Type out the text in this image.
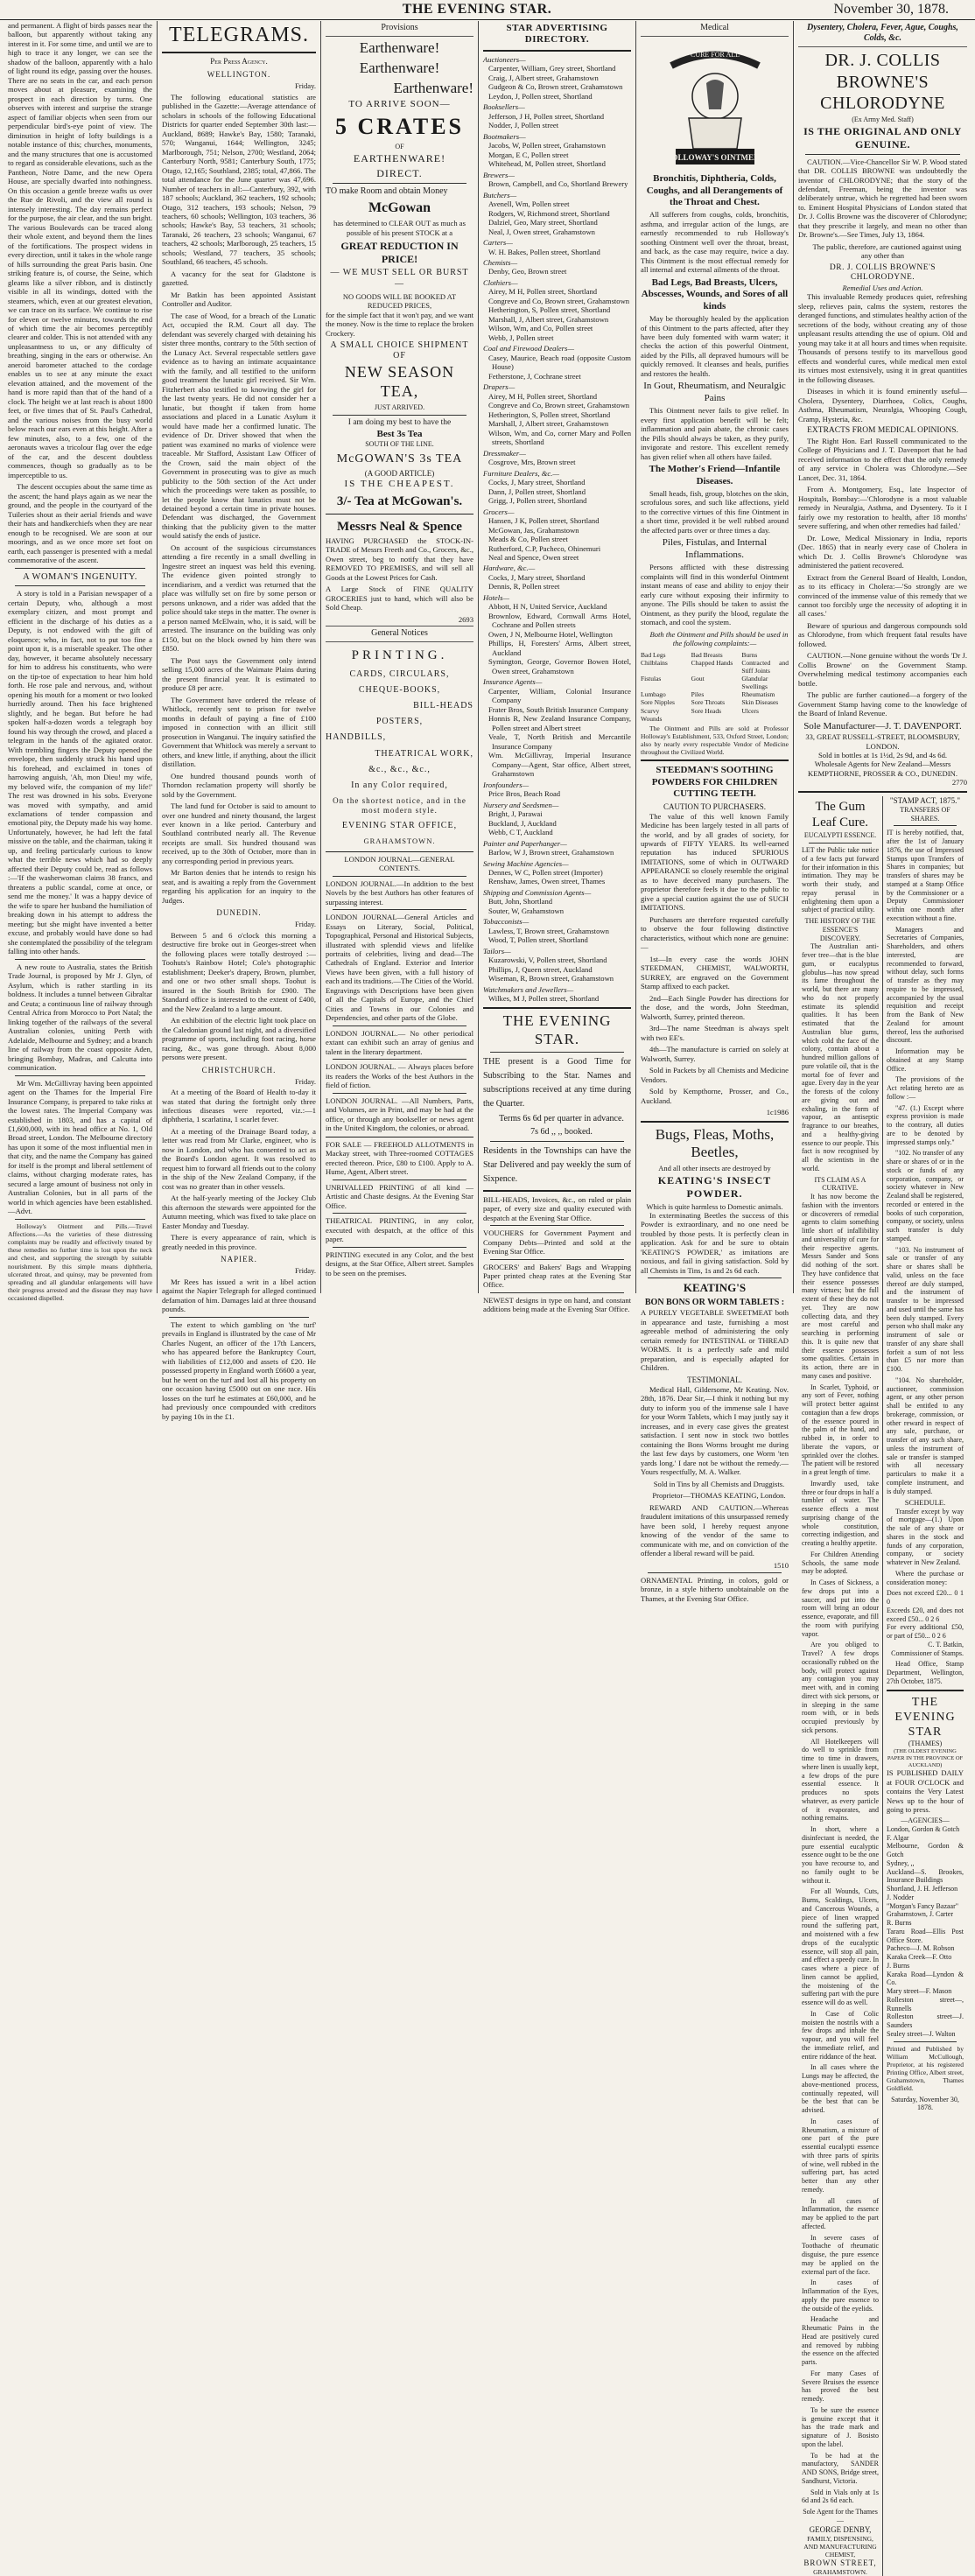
THE EVENING STAR.	November 30, 1878.

and permanent. A flight of birds passes near the balloon, but apparently without taking any interest in it. For some time, and until we are to high to trace it any longer, we can see the shadow of the balloon, apparently with a halo of light round its edge, passing over the houses. There are no seats in the car, and each person moves about at pleasure, examining the prospect in each direction by turns. One observes with interest and surprise the strange aspect of familiar objects when seen from our perpendicular bird's-eye point of view. The diminution in height of lofty buildings is a notable instance of this; churches, monuments, and the many structures that one is accustomed to regard as considerable elevations, such as the Pantheon, Notre Dame, and the new Opera House, are specially dwarfed into nothingness. On this occasion a gentle breeze wafts us over the Rue de Rivoli, and the view all round is intensely interesting. The day remains perfect for the purpose, the air clear, and the sun bright. The various Boulevards can be traced along their whole extent, and beyond them the lines of the fortifications. The prospect widens in every direction, until it takes in the whole range of hills surrounding the great Paris basin. One striking feature is, of course, the Seine, which gleams like a silver ribbon, and is distinctly visible in all its windings, dotted with the steamers, which, even at our greatest elevation, we can trace on its surface. We continue to rise for eleven or twelve minutes, towards the end of which time the air becomes perceptibly clearer and colder. This is not attended with any unpleasantness to us, or any difficulty of breathing, singing in the ears or otherwise. An aneroid barometer attached to the cordage enables us to see at any minute the exact elevation attained, and the movement of the hand is more rapid than that of the hand of a clock. The height we at last reach is about 1800 feet, or five times that of St. Paul's Cathedral, and the various noises from the busy world below reach our ears even at this height. After a few minutes, also, to a few, one of the aeronauts waves a tricolour flag over the edge of the car, and the descent doubtless commences, though so gradually as to be imperceptible to us.

The descent occupies about the same time as the ascent; the hand plays again as we near the ground, and the people in the courtyard of the Tuileries shout as their aerial friends and wave their hats and handkerchiefs when they are near enough to be recognised. We are soon at our moorings, and as we once more set foot on earth, each passenger is presented with a medal commemorative of the ascent.

A WOMAN'S INGENUITY.

A story is told in a Parisian newspaper of a certain Deputy, who, although a most exemplary citizen, and most prompt and efficient in the discharge of his duties as a Deputy, is not endowed with the gift of eloquence; who, in fact, not to put too fine a point upon it, is a miserable speaker. The other day, however, it became absolutely necessary for him to address his constituents, who were on the tip-toe of expectation to hear him hold forth. He rose pale and nervous, and, without opening his mouth for a moment or two looked hurriedly around. Then his face brightened slightly, and he began. But before he had spoken half-a-dozen words a telegraph boy found his way through the crowd, and placed a telegram in the hands of the agitated orator. With trembling fingers the Deputy opened the envelope, then suddenly struck his hand upon his forehead, and exclaimed in tones of harrowing anguish, 'Ah, mon Dieu! my wife, my beloved wife, the companion of my life!' The rest was drowned in his sobs. Everyone was moved with sympathy, and amid exclamations of tender compassion and emotional pity, the Deputy made his way home. Unfortunately, however, he had left the fatal missive on the table, and the chairman, taking it up, and feeling particularly curious to know what the terrible news which had so deeply affected their Deputy could be, read as follows :—'If the washerwoman claims 38 francs, and threatens a public scandal, come at once, or send me the money.' It was a happy device of the wife to spare her husband the humiliation of breaking down in his attempt to address the meeting; but she might have invented a better excuse, and probably would have done so had she contemplated the possibility of the telegram falling into other hands.

A new route to Australia, states the British Trade Journal, is proposed by Mr J. Glyn, of Asylum, which is rather startling in its boldness. It includes a tunnel between Gibraltar and Ceuta; a continuous line of railway through Central Africa from Morocco to Port Natal; the linking together of the railways of the several Australian colonies, uniting Perth with Adelaide, Melbourne and Sydney; and a branch line of railway from the coast opposite Aden, bringing Bombay, Madras, and Calcutta into communication.

Mr Wm. McGillivray having been appointed agent on the Thames for the Imperial Fire Insurance Company, is prepared to take risks at the lowest rates. The Imperial Company was established in 1803, and has a capital of £1,600,000, with its head office at No. 1, Old Broad street, London. The Melbourne directory has upon it some of the most influential men in that city, and the name the Company has gained for itself is the prompt and liberal settlement of claims, without charging moderate rates, has secured a large amount of business not only in Australian Colonies, but in all parts of the world in which agencies have been established.—Advt.

Holloway's Ointment and Pills.—Travel Affections.—As the varieties of these distressing complaints may be readily and effectively treated by these remedies no further time is lost upon the neck and chest, and supporting the strength by suitable nourishment. By this simple means diphtheria, ulcerated throat, and quinsy, may be prevented from spreading and all glandular enlargements will have their progress arrested and the disease they may have occasioned dispelled.

TELEGRAMS.
Per Press Agency.
WELLINGTON.
Friday.

The following educational statistics are published in the Gazette:—Average attendance of scholars in schools of the following Educational Districts for quarter ended September 30th last:—Auckland, 8689; Hawke's Bay, 1580; Taranaki, 570; Wanganui, 1644; Wellington, 3245; Marlborough, 751; Nelson, 2700; Westland, 2064; Canterbury North, 9581; Canterbury South, 1775; Otago, 12,165; Southland, 2385; total, 47,866. The total attendance for the June quarter was 47,696. Number of teachers in all:—Canterbury, 392, with 187 schools; Auckland, 362 teachers, 192 schools; Otago, 312 teachers, 193 schools; Nelson, 79 teachers, 60 schools; Wellington, 103 teachers, 36 schools; Hawke's Bay, 53 teachers, 31 schools; Taranaki, 26 teachers, 23 schools; Wanganui, 67 teachers, 42 schools; Marlborough, 25 teachers, 15 schools; Westland, 77 teachers, 35 schools; Southland, 66 teachers, 45 schools.

A vacancy for the seat for Gladstone is gazetted.

Mr Batkin has been appointed Assistant Controller and Auditor.

The case of Wood, for a breach of the Lunatic Act, occupied the R.M. Court all day. The defendant was severely charged with detaining his sister three months, contrary to the 50th section of the Lunacy Act. Several respectable settlers gave evidence as to having an intimate acquaintance with the family, and all testified to the uniform good treatment the lunatic girl received. Sir Wm. Fitzherbert also testified to knowing the girl for the last twenty years. He did not consider her a lunatic, but thought if taken from home associations and placed in a Lunatic Asylum it would have made her a confirmed lunatic. The evidence of Dr. Driver showed that when the patient was examined no marks of violence were traceable. Mr Stafford, Assistant Law Officer of the Crown, said the main object of the Government in prosecuting was to give as much publicity to the 50th section of the Act under which the proceedings were taken as possible, to let the people know that lunatics must not be detained beyond a certain time in private houses. Defendant was discharged, the Government thinking that the publicity given to the matter would satisfy the ends of justice.

On account of the suspicious circumstances attending a fire recently in a small dwelling in Ingestre street an inquest was held this evening. The evidence given pointed strongly to incendiarism, and a verdict was returned that the place was wilfully set on fire by some person or persons unknown, and a rider was added that the police should take steps in the matter. The owner is a person named McElwain, who, it is said, will be arrested. The insurance on the building was only £150, but on the block owned by him there was £850.

The Post says the Government only intend selling 15,000 acres of the Waimate Plains during the present financial year. It is estimated to produce £8 per acre.

The Government have ordered the release of Whitlock, recently sent to prison for twelve months in default of paying a fine of £100 imposed in connection with an illicit still prosecution in Wanganui. The inquiry satisfied the Government that Whitlock was merely a servant to others, and knew little, if anything, about the illicit distillation.

One hundred thousand pounds worth of Thorndon reclamation property will shortly be sold by the Government.

The land fund for October is said to amount to over one hundred and ninety thousand, the largest ever known in a like period. Canterbury and Southland contributed nearly all. The Revenue receipts are small. Six hundred thousand was received, up to the 30th of October, more than in any corresponding period in previous years.

Mr Barton denies that he intends to resign his seat, and is awaiting a reply from the Government regarding his application for an inquiry to the Judges.

DUNEDIN.
Friday.

Between 5 and 6 o'clock this morning a destructive fire broke out in Georges-street when the following places were totally destroyed :—Toohuts's Rainbow Hotel; Cole's photographic establishment; Deeker's drapery, Brown, plumber, and one or two other small shops. Toohut is insured in the South British for £900. The Standard office is interested to the extent of £400, and the New Zealand to a large amount.

An exhibition of the electric light took place on the Caledonian ground last night, and a diversified programme of sports, including foot racing, horse racing, &c., was gone through. About 8,000 persons were present.

CHRISTCHURCH.
Friday.

At a meeting of the Board of Health to-day it was stated that during the fortnight only three infectious diseases were reported, viz.:—1 diphtheria, 1 scarlatina, 1 scarlet fever.

At a meeting of the Drainage Board today, a letter was read from Mr Clarke, engineer, who is now in London, and who has consented to act as the Board's London agent. It was resolved to request him to forward all friends out to the colony in the ship of the New Zealand Company, if the cost was no greater than in other vessels.

At the half-yearly meeting of the Jockey Club this afternoon the stewards were appointed for the Autumn meeting, which was fixed to take place on Easter Monday and Tuesday.

There is every appearance of rain, which is greatly needed in this province.

NAPIER.
Friday.

Mr Rees has issued a writ in a libel action against the Napier Telegraph for alleged continued defamation of him. Damages laid at three thousand pounds.

The extent to which gambling on 'the turf' prevails in England is illustrated by the case of Mr Charles Nugent, an officer of the 17th Lancers, who has appeared before the Bankruptcy Court, with liabilities of £12,000 and assets of £20. He possessed property in England worth £6600 a year, but he went on the turf and lost all his property on one occasion having £5000 out on one race. His losses on the turf he estimates at £60,000, and he had previously once compounded with creditors by paying 10s in the £1.

Provisions
Earthenware!
Earthenware!
Earthenware!
TO ARRIVE SOON—
5 CRATES
OF
EARTHENWARE!
DIRECT.

TO make Room and obtain Money

McGowan

has determined to CLEAR OUT as much as possible of his present STOCK at a

GREAT REDUCTION IN PRICE!
— WE MUST SELL OR BURST —
NO GOODS WILL BE BOOKED AT REDUCED PRICES,

for the simple fact that it won't pay, and we want the money. Now is the time to replace the broken Crockery.

A SMALL CHOICE SHIPMENT OF
NEW SEASON TEA,
JUST ARRIVED.
I am doing my best to have the
Best 3s Tea
SOUTH OF THE LINE.
McGOWAN'S 3s TEA
(A GOOD ARTICLE)
IS THE CHEAPEST.
3/- Tea at McGowan's.
Messrs Neal & Spence

HAVING PURCHASED the STOCK-IN-TRADE of Messrs Freeth and Co., Grocers, &c., Owen street, beg to notify that they have REMOVED TO PREMISES, and will sell all Goods at the Lowest Prices for Cash.

A Large Stock of FINE QUALITY GROCERIES just to hand, which will also be Sold Cheap.

2693
General Notices
PRINTING.
CARDS, CIRCULARS,
CHEQUE-BOOKS,
BILL-HEADS
POSTERS,
HANDBILLS,
THEATRICAL WORK,
&c., &c., &c.,
In any Color required,
On the shortest notice, and in the most modern style.
EVENING STAR OFFICE,
GRAHAMSTOWN.

LONDON JOURNAL—GENERAL CONTENTS.

LONDON JOURNAL.—In addition to the best Novels by the best Authors has other features of surpassing interest.

LONDON JOURNAL—General Articles and Essays on Literary, Social, Political, Topographical, Personal and Historical Subjects, illustrated with splendid views and lifelike portraits of celebrities, living and dead—The Cathedrals of England. Exterior and Interior Views have been given, with a full history of each and its traditions.—The Cities of the World. Engravings with Descriptions have been given of all the Capitals of Europe, and the Chief Cities and Towns in our Colonies and Dependencies, and other parts of the Globe.

LONDON JOURNAL.— No other periodical extant can exhibit such an array of genius and talent in the literary department.

LONDON JOURNAL. — Always places before its readers the Works of the best Authors in the field of fiction.

LONDON JOURNAL. —All Numbers, Parts, and Volumes, are in Print, and may be had at the office, or through any bookseller or news agent in the United Kingdom, the colonies, or abroad.

FOR SALE — FREEHOLD ALLOTMENTS in Mackay street, with Three-roomed COTTAGES erected thereon. Price, £80 to £100. Apply to A. Hume, Agent, Albert street.

UNRIVALLED PRINTING of all kind —Artistic and Chaste designs. At the Evening Star Office.

THEATRICAL PRINTING, in any color, executed with despatch, at the office of this paper.

PRINTING executed in any Color, and the best designs, at the Star Office, Albert street. Samples to be seen on the premises.

STAR ADVERTISING DIRECTORY.
Auctioneers—
Carpenter, William, Grey street, Shortland
Craig, J, Albert street, Grahamstown
Gudgeon & Co, Brown street, Grahamstown
Leydon, J, Pollen street, Shortland
Booksellers—
Jefferson, J H, Pollen street, Shortland
Nodder, J, Pollen street
Bootmakers—
Jacobs, W, Pollen street, Grahamstown
Morgan, E C, Pollen street
Whitehead, M, Pollen street, Shortland
Brewers—
Brown, Campbell, and Co, Shortland Brewery
Butchers—
Avenell, Wm, Pollen street
Rodgers, W, Richmond street, Shortland
Dalziel, Geo, Mary street, Shortland
Neal, J, Owen street, Grahamstown
Carters—
W. H. Bakes, Pollen street, Shortland
Chemists—
Denby, Geo, Brown street
Clothiers—
Airey, M H, Pollen street, Shortland
Congreve and Co, Brown street, Grahamstown
Hetherington, S, Pollen street, Shortland
Marshall, J, Albert street, Grahamstown
Wilson, Wm, and Co, Pollen street
Webb, J, Pollen street
Coal and Firewood Dealers—
Casey, Maurice, Beach road (opposite Custom House)
Fetherstone, J, Cochrane street
Drapers—
Airey, M H, Pollen street, Shortland
Congreve and Co, Brown street, Grahamstown
Hetherington, S, Pollen street, Shortland
Marshall, J, Albert street, Grahamstown
Wilson, Wm, and Co, corner Mary and Pollen streets, Shortland
Dressmaker—
Cosgrove, Mrs, Brown street
Furniture Dealers, &c.—
Cocks, J, Mary street, Shortland
Dann, J, Pollen street, Shortland
Grigg, J, Pollen street, Shortland
Grocers—
Hansen, J K, Pollen street, Shortland
McGowan, Jas, Grahamstown
Meads & Co, Pollen street
Rutherford, C.P, Pacheco, Ohinemuri
Neal and Spence, Owen street
Hardware, &c.—
Cocks, J, Mary street, Shortland
Dennis, R, Pollen street
Hotels—
Abbott, H N, United Service, Auckland
Brownlow, Edward, Cornwall Arms Hotel, Cochrane and Pollen streets
Owen, J N, Melbourne Hotel, Wellington
Phillips, H, Foresters' Arms, Albert street, Auckland
Symington, George, Governor Bowen Hotel, Owen street, Grahamstown
Insurance Agents—
Carpenter, William, Colonial Insurance Company
Frater Bros, South British Insurance Company
Honnis R, New Zealand Insurance Company, Pollen street and Albert street
Veale, T, North British and Mercantile Insurance Company
Wm. McGillivray, Imperial Insurance Company—Agent, Star office, Albert street, Grahamstown
Ironfounders—
Price Bros, Beach Road
Nursery and Seedsmen—
Bright, J, Parawai
Buckland, J, Auckland
Webb, C T, Auckland
Painter and Paperhanger—
Barlow, W J, Brown street, Grahamstown
Sewing Machine Agencies—
Dennes, W C, Pollen street (Importer)
Renshaw, James, Owen street, Thames
Shipping and Commission Agents—
Butt, John, Shortland
Souter, W, Grahamstown
Tobacconists—
Lawless, T, Brown street, Grahamstown
Wood, T, Pollen street, Shortland
Tailors—
Kuzarowski, V, Pollen street, Shortland
Phillips, J, Queen street, Auckland
Wiseman, R, Brown street, Grahamstown
Watchmakers and Jewellers—
Wilkes, M J, Pollen street, Shortland
THE EVENING STAR.

THE present is a Good Time for Subscribing to the Star. Names and subscriptions received at any time during the Quarter.

Terms 6s 6d per quarter in advance.

7s 6d ,, ,, booked.

Residents in the Townships can have the Star Delivered and pay weekly the sum of Sixpence.

BILL-HEADS, Invoices, &c., on ruled or plain paper, of every size and quality executed with despatch at the Evening Star Office.

VOUCHERS for Government Payment and Company Debts—Printed and sold at the Evening Star Office.

GROCERS' and Bakers' Bags and Wrapping Paper printed cheap rates at the Evening Star Office.

NEWEST designs in type on hand, and constant additions being made at the Evening Star Office.

Medical
CURE FOR ALL
HOLLOWAY'S OINTMENT
Bronchitis, Diphtheria, Colds, Coughs, and all Derangements of the Throat and Chest.

All sufferers from coughs, colds, bronchitis, asthma, and irregular action of the lungs, are earnestly recommended to rub Holloway's soothing Ointment well over the throat, breast, and back, as the case may require, twice a day. This Ointment is the most effectual remedy for all internal and external ailments of the throat.

Bad Legs, Bad Breasts, Ulcers, Abscesses, Wounds, and Sores of all kinds

May be thoroughly healed by the application of this Ointment to the parts affected, after they have been duly fomented with warm water; it checks the action of this powerful Ointment, aided by the Pills, all depraved humours will be quickly removed. It cleanses and heals, purifies and restores the health.

In Gout, Rheumatism, and Neuralgic Pains

This Ointment never fails to give relief. In every first application benefit will be felt; inflammation and pain abate, the chronic cases the Pills should always be taken, as they purify, invigorate and restore. This excellent remedy has given relief when all others have failed.

The Mother's Friend—Infantile Diseases.

Small heads, fish, group, blotches on the skin, scrofulous sores, and such like affections, yield to the corrective virtues of this fine Ointment in a short time, provided it be well rubbed around the affected parts over or three times a day.

Piles, Fistulas, and Internal Inflammations.

Persons afflicted with these distressing complaints will find in this wonderful Ointment instant means of ease and ability to enjoy their early cure without exposing their infirmity to anyone. The Pills should be taken to assist the Ointment, as they purify the blood, regulate the stomach, and cool the system.

Both the Ointment and Pills should be used in the following complaints:—

Bad Legs	Bad Breasts	Burns
Chilblains	Chapped Hands	Contracted and Stiff Joints
Fistulas	Gout	Glandular Swellings
Lumbago	Piles	Rheumatism
Sore Nipples	Sore Throats	Skin Diseases
Scurvy	Sore Heads	Ulcers
Wounds

The Ointment and Pills are sold at Professor Holloway's Establishment, 533, Oxford Street, London; also by nearly every respectable Vendor of Medicine throughout the Civilized World.

STEEDMAN'S SOOTHING POWDERS FOR CHILDREN CUTTING TEETH.
CAUTION TO PURCHASERS.

The value of this well known Family Medicine has been largely tested in all parts of the world, and by all grades of society, for upwards of FIFTY YEARS. Its well-earned reputation has induced SPURIOUS IMITATIONS, some of which in OUTWARD APPEARANCE so closely resemble the original as to have deceived many purchasers. The proprietor therefore feels it due to the public to give a special caution against the use of SUCH IMITATIONS.

Purchasers are therefore requested carefully to observe the four following distinctive characteristics, without which none are genuine:—

1st—In every case the words JOHN STEEDMAN, CHEMIST, WALWORTH, SURREY, are engraved on the Government Stamp affixed to each packet.

2nd—Each Single Powder has directions for the dose, and the words, John Steedman, Walworth, Surrey, printed thereon.

3rd—The name Steedman is always spelt with two EE's.

4th—The manufacture is carried on solely at Walworth, Surrey.

Sold in Packets by all Chemists and Medicine Vendors.

Sold by Kempthorne, Prosser, and Co., Auckland.

1c1986
Bugs, Fleas, Moths, Beetles,
And all other insects are destroyed by
KEATING'S INSECT POWDER.
Which is quite harmless to Domestic animals.

In exterminating Beetles the success of this Powder is extraordinary, and no one need be troubled by those pests. It is perfectly clean in application. Ask for and be sure to obtain 'KEATING'S POWDER,' as imitations are noxious, and fail in giving satisfaction. Sold by all Chemists in Tins, 1s and 2s 6d each.

KEATING'S
BON BONS OR WORM TABLETS :

A PURELY VEGETABLE SWEETMEAT both in appearance and taste, furnishing a most agreeable method of administering the only certain remedy for INTESTINAL or THREAD WORMS. It is a perfectly safe and mild preparation, and is especially adapted for Children.

TESTIMONIAL.

Medical Hall, Gildersome, Mr Keating. Nov. 28th, 1876. Dear Sir,—I think it nothing but my duty to inform you of the immense sale I have for your Worm Tablets, which I may justly say it increases, and in every case gives the greatest satisfaction. I sent now in stock two bottles containing the Bons Worms brought me during the last few days by customers, one Worm 'ten yards long.' I dare not be without the remedy.—Yours respectfully, M. A. Walker.

Sold in Tins by all Chemists and Druggists.

Proprietor—THOMAS KEATING, London.

REWARD AND CAUTION.—Whereas fraudulent imitations of this unsurpassed remedy have been sold, I hereby request anyone knowing of the vendor of the same to communicate with me, and on conviction of the offender a liberal reward will be paid.

1510

ORNAMENTAL Printing, in colors, gold or bronze, in a style hitherto unobtainable on the Thames, at the Evening Star Office.

Dysentery, Cholera, Fever, Ague, Coughs, Colds, &c.
DR. J. COLLIS BROWNE'S CHLORODYNE
(Ex Army Med. Staff)
IS THE ORIGINAL AND ONLY GENUINE.

CAUTION.—Vice-Chancellor Sir W. P. Wood stated that DR. COLLIS BROWNE was undoubtedly the inventor of CHLORODYNE; that the story of the defendant, Freeman, being the inventor was deliberately untrue, which he regretted had been sworn to. Eminent Hospital Physicians of London stated that Dr. J. Collis Browne was the discoverer of Chlorodyne; that they prescribe it largely, and mean no other than Dr. Browne's.—See Times, July 13, 1864.

The public, therefore, are cautioned against using any other than

DR. J. COLLIS BROWNE'S CHLORODYNE.
Remedial Uses and Action.

This invaluable Remedy produces quiet, refreshing sleep, relieves pain, calms the system, restores the deranged functions, and stimulates healthy action of the secretions of the body, without creating any of those unpleasant results attending the use of opium. Old and young may take it at all hours and times when requisite. Thousands of persons testify to its marvellous good effects and wonderful cures, while medical men extol its virtues most extensively, using it in great quantities in the following diseases.

Diseases in which it is found eminently useful—Cholera, Dysentery, Diarrhoea, Colics, Coughs, Asthma, Rheumatism, Neuralgia, Whooping Cough, Cramp, Hysteria, &c.

EXTRACTS FROM MEDICAL OPINIONS.

The Right Hon. Earl Russell communicated to the College of Physicians and J. T. Davenport that he had received information to the effect that the only remedy of any service in Cholera was Chlorodyne.—See Lancet, Dec. 31, 1864.

From A. Montgomery, Esq., late Inspector of Hospitals, Bombay:—'Chlorodyne is a most valuable remedy in Neuralgia, Asthma, and Dysentery. To it I fairly owe my restoration to health, after 18 months' severe suffering, and when other remedies had failed.'

Dr. Lowe, Medical Missionary in India, reports (Dec. 1865) that in nearly every case of Cholera in which Dr. J. Collis Browne's Chlorodyne was administered the patient recovered.

Extract from the General Board of Health, London, as to its efficacy in Cholera:—'So strongly are we convinced of the immense value of this remedy that we cannot too forcibly urge the necessity of adopting it in all cases.'

Beware of spurious and dangerous compounds sold as Chlorodyne, from which frequent fatal results have followed.

CAUTION.—None genuine without the words 'Dr J. Collis Browne' on the Government Stamp. Overwhelming medical testimony accompanies each bottle.

The public are further cautioned—a forgery of the Government Stamp having come to the knowledge of the Board of Inland Revenue.

Sole Manufacturer—J. T. DAVENPORT.
33, GREAT RUSSELL-STREET, BLOOMSBURY, LONDON.
Sold in bottles at 1s 1½d, 2s 9d, and 4s 6d.
Wholesale Agents for New Zealand—Messrs KEMPTHORNE, PROSSER & CO., DUNEDIN.
2770
The Gum Leaf Cure.
EUCALYPTI ESSENCE.

LET the Public take notice of a few facts put forward for their information in this intimation. They may be worth their study, and repay perusal in enlightening them upon a subject of practical utility.

THE HISTORY OF THE ESSENCE'S DISCOVERY.

The Australian anti-fever tree—that is the blue gum, or eucalyptus globulus—has now spread its fame throughout the world, but there are many who do not properly estimate its splendid qualities. It has been estimated that the Australian blue gums, which cold the face of the colony, contain about a hundred million gallons of pure volatile oil, that is the mortal foe of fever and ague. Every day in the year the forests of the colony are giving out and exhaling, in the form of vapour, an antiseptic fragrance to our breathes, and a healthy-giving essence to our people. This fact is now recognised by all the scientists in the world.

ITS CLAIM AS A CURATIVE.

It has now become the fashion with the inventors or discoverers of remedial agents to claim something little short of infallibility and universality of cure for their respective agents. Messrs Sander and Sons did nothing of the sort. They have confidence that their essence possesses many virtues; but the full extent of these they do not yet. They are now collecting data, and they are most careful and searching in performing this. It is quite new that their essence possesses some qualities. Certain in its action, there are in many cases and positive.

In Scarlet, Typhoid, or any sort of Fever, nothing will protect better against contagion than a few drops of the essence poured in the palm of the hand, and rubbed in, in order to liberate the vapors, or sprinkled over the clothes. The patient will be restored in a great length of time.

Inwardly used, take three or four drops in half a tumbler of water. The essence effects a most surprising change of the whole constitution, correcting indigestion, and creating a healthy appetite.

For Children Attending Schools, the same mode may be adopted.

In Cases of Sickness, a few drops put into a saucer, and put into the room will bring an odour essence, evaporate, and fill the room with purifying vapor.

Are you obliged to Travel? A few drops occasionally rubbed on the body, will protect against any contagion you may meet with, and in coming direct with sick persons, or in sleeping in the same room with, or in beds occupied previously by sick persons.

All Hotelkeepers will do well to sprinkle from time to time in drawers, where linen is usually kept, a few drops of the pure essential essence. It produces no spots whatever, as every particle of it evaporates, and nothing remains.

In short, where a disinfectant is needed, the pure essential eucalyptic essence ought to be the one you have recourse to, and no family ought to be without it.

For all Wounds, Cuts, Burns, Scaldings, Ulcers, and Cancerous Wounds, a piece of linen wrapped round the suffering part, and moistened with a few drops of the eucalyptic essence, will stop all pain, and effect a speedy cure. In cases where a piece of linen cannot be applied, the moistening of the suffering part with the pure essence will do as well.

In Case of Colic moisten the nostrils with a few drops and inhale the vapour, and you will feel the immediate relief, and entire riddance of the heat.

In all cases where the Lungs may be affected, the above-mentioned process, continually repeated, will be the best that can be advised.

In cases of Rheumatism, a mixture of one part of the pure essential eucalypti essence with three parts of spirits of wine, well rubbed in the suffering part, has acted better than any other remedy.

In all cases of Inflammation, the essence may be applied to the part affected.

In severe cases of Toothache of rheumatic disguise, the pure essence may be applied on the external part of the face.

In cases of Inflammation of the Eyes, apply the pure essence to the outside of the eyelids.

Headache and Rheumatic Pains in the Head are positively cured and removed by rubbing the essence on the affected parts.

For many Cases of Severe Bruises the essence has proved the best remedy.

To be sure the essence is genuine except that it has the trade mark and signature of J. Bosisto upon the label.

To be had at the manufactory, SANDER AND SONS, Bridge street, Sandhurst, Victoria.

Sold in Vials only at 1s 6d and 2s 6d each.

Sole Agent for the Thames—
GEORGE DENBY,
FAMILY, DISPENSING, AND MANUFACTURING CHEMIST,
BROWN STREET,
GRAHAMSTOWN.
"STAMP ACT, 1875."
TRANSFERS OF SHARES.

IT is hereby notified, that, after the 1st of January 1876, the use of Impressed Stamps upon Transfers of Shares in companies; but transfers of shares may be stamped at a Stamp Office by the Commissioner or a Deputy Commissioner within one month after execution without a fine.

Managers and Secretaries of Companies, Shareholders, and others interested, are recommended to forward, without delay, such forms of transfer as they may require to be impressed, accompanied by the usual requisition and receipt from the Bank of New Zealand for amount thereof, less the authorised discount.

Information may be obtained at any Stamp Office.

The provisions of the Act relating hereto are as follow :—

"47. (1.) Except where express provision is made to the contrary, all duties are to be denoted by impressed stamps only."

"102. No transfer of any share or shares of or in the stock or funds of any corporation, company, or society whatever in New Zealand shall be registered, recorded or entered in the books of such corporation, company, or society, unless such transfer is duly stamped.

"103. No instrument of sale or transfer of any share or shares shall be valid, unless on the face thereof are duly stamped, and the instrument of transfer to be impressed and used until the same has been duly stamped. Every person who shall make any instrument of sale or transfer of any share shall forfeit a sum of not less than £5 nor more than £100.

"104. No shareholder, auctioneer, commission agent, or any other person shall be entitled to any brokerage, commission, or other reward in respect of any sale, purchase, or transfer of any such share, unless the instrument of sale or transfer is stamped with all necessary particulars to make it a complete instrument, and is duly stamped.

SCHEDULE.

Transfer except by way of mortgage—(1.) Upon the sale of any share or shares in the stock and funds of any corporation, company, or society whatever in New Zealand.

Where the purchase or consideration money:

Does not exceed £20... 0 1 0
Exceeds £20, and does not exceed £50... 0 2 6
For every additional £50, or part of £50... 0 2 6

C. T. Batkin, Commissioner of Stamps.

Head Office, Stamp Department, Wellington, 27th October, 1875.

THE EVENING STAR
(THAMES)
(THE OLDEST EVENING PAPER IN THE PROVINCE OF AUCKLAND)

IS PUBLISHED DAILY at FOUR O'CLOCK and contains the Very Latest News up to the hour of going to press.

—AGENCIES—
London, Gordon & Gotch
F. Algar
Melbourne, Gordon & Gotch
Sydney, ,,
Auckland—S. Brookes, Insurance Buildings
Shortland, J. H. Jefferson
J. Nodder
"Morgan's Fancy Bazaar"
Grahamstown, J. Carter
R. Burns
Tararu Road—Ellis Post Office Store.
Pacheco—J. M. Robson
Karaka Creek—F. Otto
J. Burns
Karaka Road—Lyndon & Co.
Mary street—F. Mason
Rolleston street—, Runnells
Rolleston street—J. Saunders
Sealey street—J. Walton

Printed and Published by William McCullough, Proprietor, at his registered Printing Office, Albert street, Grahamstown, Thames Goldfield.

Saturday, November 30, 1878.
